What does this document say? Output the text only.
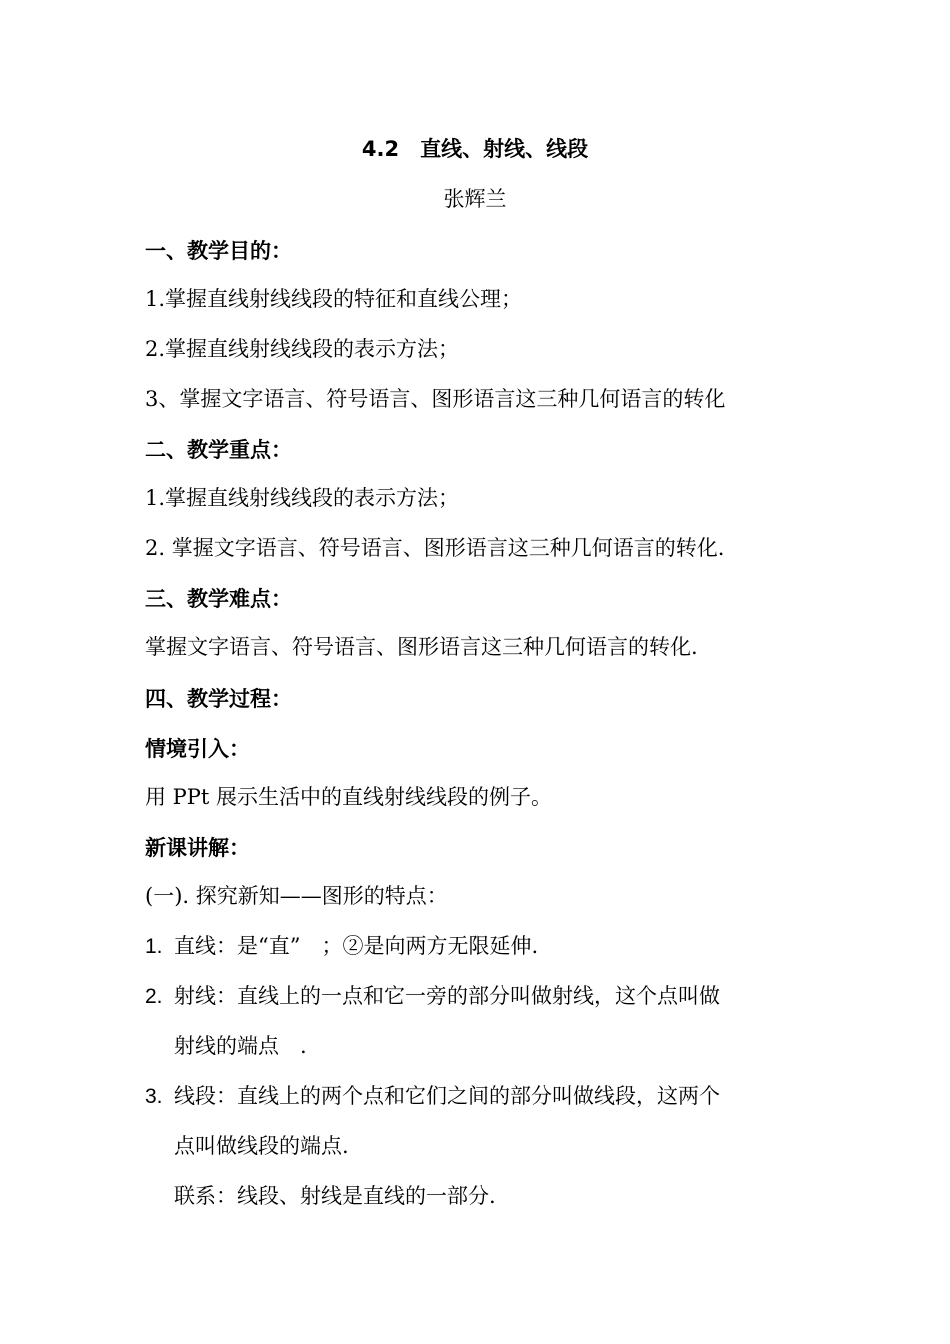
4.2　直线、射线、线段
张辉兰
一、教学目的：
1.掌握直线射线线段的特征和直线公理；
2.掌握直线射线线段的表示方法；
3、掌握文字语言、符号语言、图形语言这三种几何语言的转化
二、教学重点：
1.掌握直线射线线段的表示方法；
2. 掌握文字语言、符号语言、图形语言这三种几何语言的转化.
三、教学难点：
掌握文字语言、符号语言、图形语言这三种几何语言的转化.
四、教学过程：
情境引入：
用 PPt 展示生活中的直线射线线段的例子。
新课讲解：
(一). 探究新知——图形的特点：
1. 直线：是“直”　；②是向两方无限延伸.
2. 射线：直线上的一点和它一旁的部分叫做射线，这个点叫做
射线的端点　.
3. 线段：直线上的两个点和它们之间的部分叫做线段，这两个
点叫做线段的端点.
联系：线段、射线是直线的一部分.
